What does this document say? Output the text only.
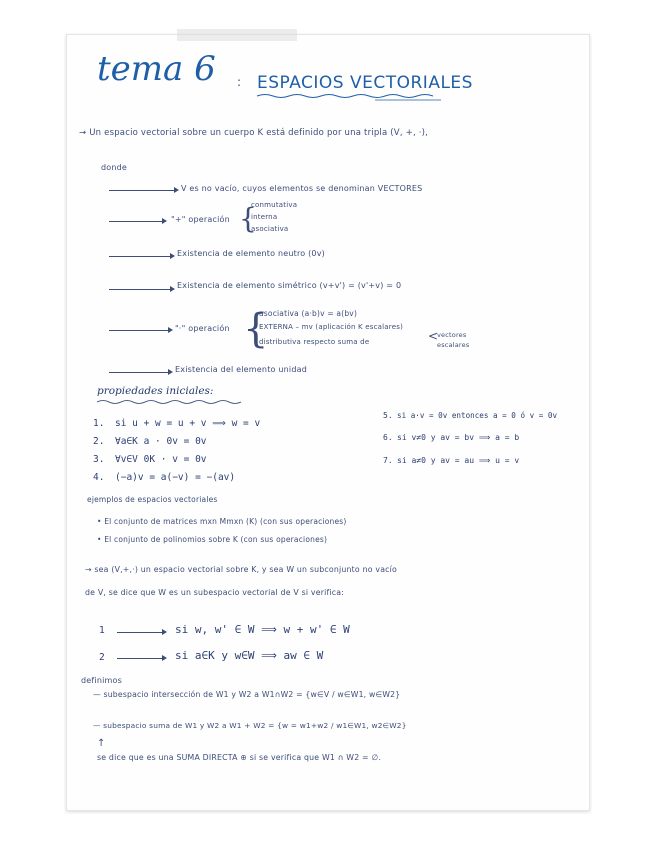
tema 6 : ESPACIOS VECTORIALES
→ Un espacio vectorial sobre un cuerpo K está definido por una tripla (V, +, ·),
donde
V es no vacío, cuyos elementos se denominan VECTORES
"+" operación {
conmutativa
interna
asociativa
Existencia de elemento neutro (0v)
Existencia de elemento simétrico (v+v') = (v'+v) = 0
"·" operación {
asociativa (a·b)v = a(bv)
EXTERNA – mv (aplicación K escalares)
distributiva respecto suma de	<
vectores
escalares
Existencia del elemento unidad
propiedades iniciales:
1. si u + w = u + v ⟹ w = v
2. ∀a∈K a · 0v = 0v
3. ∀v∈V 0K · v = 0v
4. (−a)v = a(−v) = −(av)
5. si a·v = 0v entonces a = 0 ó v = 0v
6. si v≠0 y av = bv ⟹ a = b
7. si a≠0 y av = au ⟹ u = v
ejemplos de espacios vectoriales
• El conjunto de matrices mxn Mmxn (K) (con sus operaciones)
• El conjunto de polinomios sobre K (con sus operaciones)
→ sea (V,+,·) un espacio vectorial sobre K, y sea W un subconjunto no vacío
de V, se dice que W es un subespacio vectorial de V si verifica:
1	si w, w' ∈ W ⟹ w + w' ∈ W
2	si a∈K y w∈W ⟹ aw ∈ W
definimos
— subespacio intersección de W1 y W2 a W1∩W2 = {w∈V / w∈W1, w∈W2}
— subespacio suma de W1 y W2 a W1 + W2 = {w = w1+w2 / w1∈W1, w2∈W2}
↑
se dice que es una SUMA DIRECTA ⊕ si se verifica que W1 ∩ W2 = ∅.
